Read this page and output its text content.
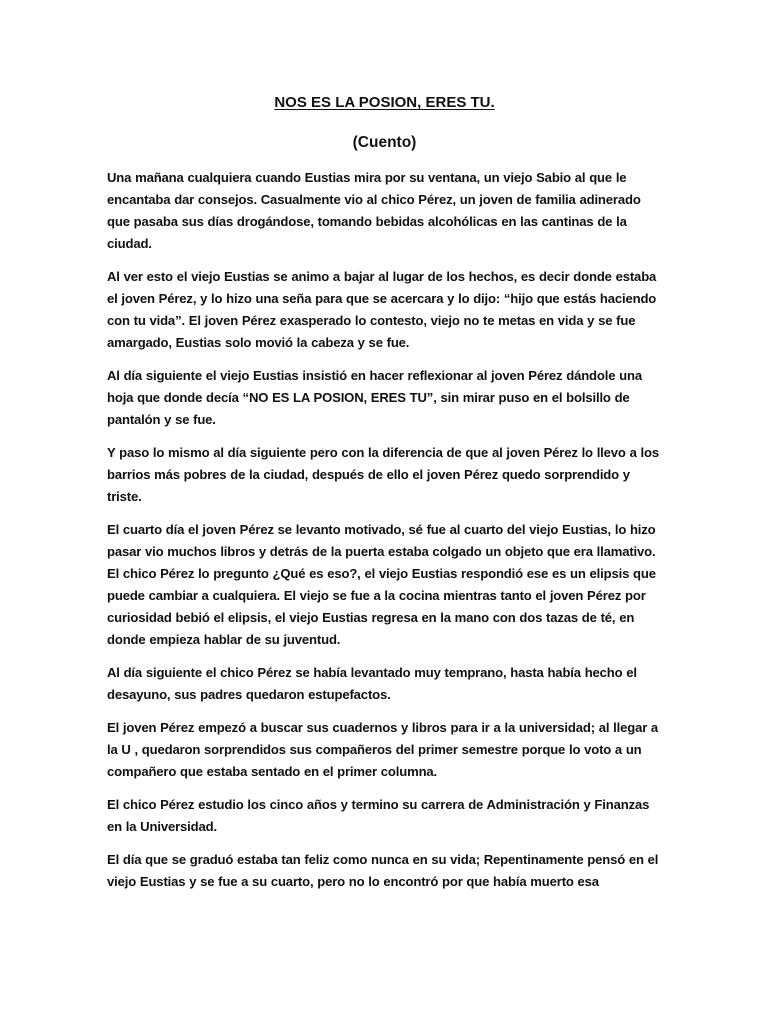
NOS ES LA POSION, ERES TU.
(Cuento)

Una mañana cualquiera cuando Eustias mira por su ventana, un viejo Sabio al que le encantaba dar consejos. Casualmente vio al chico Pérez, un joven de familia adinerado que pasaba sus días drogándose, tomando bebidas alcohólicas en las cantinas de la ciudad.

Al ver esto el viejo Eustias se animo a bajar al lugar de los hechos, es decir donde estaba el joven Pérez, y lo hizo una seña para que se acercara y lo dijo: “hijo que estás haciendo con tu vida”. El joven Pérez exasperado lo contesto, viejo no te metas en vida y se fue amargado, Eustias solo movió la cabeza y se fue.

Al día siguiente el viejo Eustias insistió en hacer reflexionar al joven Pérez dándole una hoja que donde decía “NO ES LA POSION, ERES TU”, sin mirar puso en el bolsillo de pantalón y se fue.

Y paso lo mismo al día siguiente pero con la diferencia de que al joven Pérez lo llevo a los barrios más pobres de la ciudad, después de ello el joven Pérez quedo sorprendido y triste.

El cuarto día el joven Pérez se levanto motivado, sé fue al cuarto del viejo Eustias, lo hizo pasar vio muchos libros y detrás de la puerta estaba colgado un objeto que era llamativo. El chico Pérez lo pregunto ¿Qué es eso?, el viejo Eustias respondió ese es un elipsis que puede cambiar a cualquiera. El viejo se fue a la cocina mientras tanto el joven Pérez por curiosidad bebió el elipsis, el viejo Eustias regresa en la mano con dos tazas de té, en donde empieza hablar de su juventud.

Al día siguiente el chico Pérez se había levantado muy temprano, hasta había hecho el desayuno, sus padres quedaron estupefactos.

El joven Pérez empezó a buscar sus cuadernos y libros para ir a la universidad; al llegar a la U , quedaron sorprendidos sus compañeros del primer semestre porque lo voto a un compañero que estaba sentado en el primer columna.

El chico Pérez estudio los cinco años y termino su carrera de Administración y Finanzas en la Universidad.

El día que se graduó estaba tan feliz como nunca en su vida; Repentinamente pensó en el viejo Eustias y se fue a su cuarto, pero no lo encontró por que había muerto esa
